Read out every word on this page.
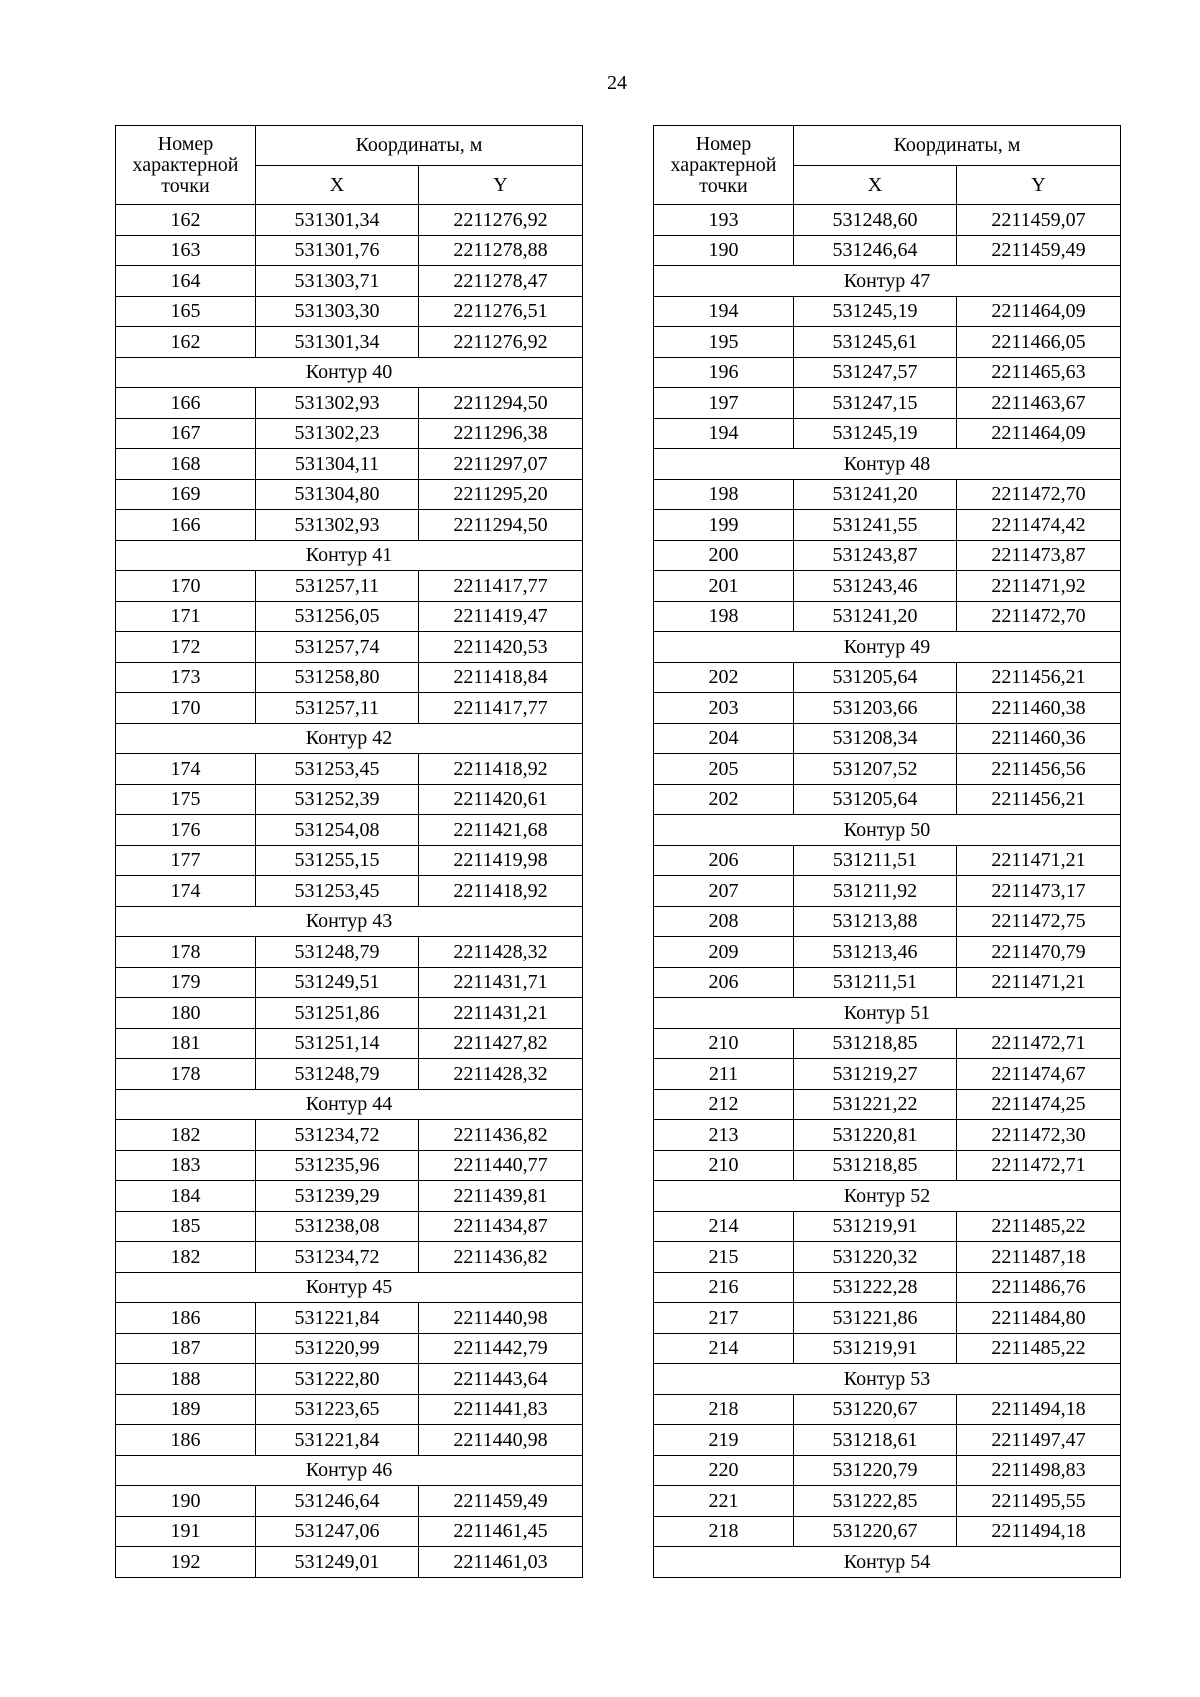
24
Номер характерной точки	Координаты, м	
	X	Y
162	531301,34	2211276,92
163	531301,76	2211278,88
164	531303,71	2211278,47
165	531303,30	2211276,51
162	531301,34	2211276,92
Контур 40		
166	531302,93	2211294,50
167	531302,23	2211296,38
168	531304,11	2211297,07
169	531304,80	2211295,20
166	531302,93	2211294,50
Контур 41		
170	531257,11	2211417,77
171	531256,05	2211419,47
172	531257,74	2211420,53
173	531258,80	2211418,84
170	531257,11	2211417,77
Контур 42		
174	531253,45	2211418,92
175	531252,39	2211420,61
176	531254,08	2211421,68
177	531255,15	2211419,98
174	531253,45	2211418,92
Контур 43		
178	531248,79	2211428,32
179	531249,51	2211431,71
180	531251,86	2211431,21
181	531251,14	2211427,82
178	531248,79	2211428,32
Контур 44		
182	531234,72	2211436,82
183	531235,96	2211440,77
184	531239,29	2211439,81
185	531238,08	2211434,87
182	531234,72	2211436,82
Контур 45		
186	531221,84	2211440,98
187	531220,99	2211442,79
188	531222,80	2211443,64
189	531223,65	2211441,83
186	531221,84	2211440,98
Контур 46		
190	531246,64	2211459,49
191	531247,06	2211461,45
192	531249,01	2211461,03
Номер характерной точки	Координаты, м	
	X	Y
193	531248,60	2211459,07
190	531246,64	2211459,49
Контур 47		
194	531245,19	2211464,09
195	531245,61	2211466,05
196	531247,57	2211465,63
197	531247,15	2211463,67
194	531245,19	2211464,09
Контур 48		
198	531241,20	2211472,70
199	531241,55	2211474,42
200	531243,87	2211473,87
201	531243,46	2211471,92
198	531241,20	2211472,70
Контур 49		
202	531205,64	2211456,21
203	531203,66	2211460,38
204	531208,34	2211460,36
205	531207,52	2211456,56
202	531205,64	2211456,21
Контур 50		
206	531211,51	2211471,21
207	531211,92	2211473,17
208	531213,88	2211472,75
209	531213,46	2211470,79
206	531211,51	2211471,21
Контур 51		
210	531218,85	2211472,71
211	531219,27	2211474,67
212	531221,22	2211474,25
213	531220,81	2211472,30
210	531218,85	2211472,71
Контур 52		
214	531219,91	2211485,22
215	531220,32	2211487,18
216	531222,28	2211486,76
217	531221,86	2211484,80
214	531219,91	2211485,22
Контур 53		
218	531220,67	2211494,18
219	531218,61	2211497,47
220	531220,79	2211498,83
221	531222,85	2211495,55
218	531220,67	2211494,18
Контур 54		
